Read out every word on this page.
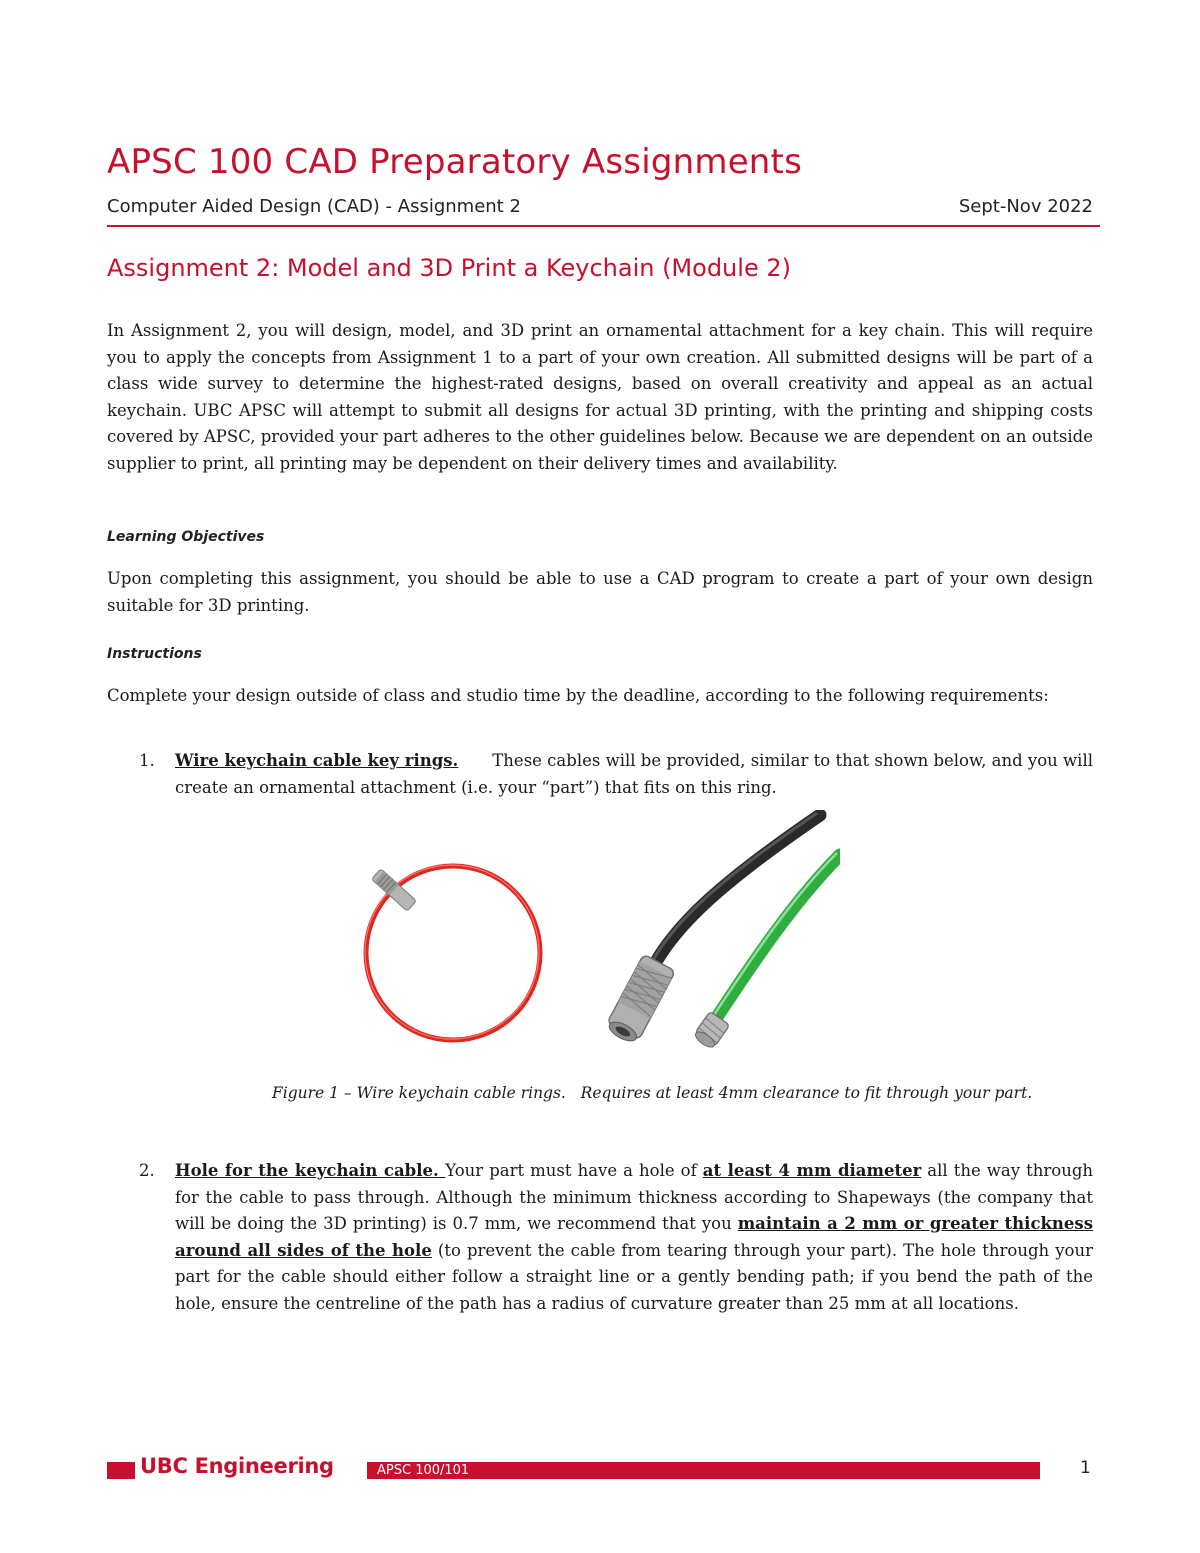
APSC 100 CAD Preparatory Assignments
Computer Aided Design (CAD) - Assignment 2	Sept-Nov 2022
Assignment 2: Model and 3D Print a Keychain (Module 2)

In Assignment 2, you will design, model, and 3D print an ornamental attachment for a key chain. This will require you to apply the concepts from Assignment 1 to a part of your own creation. All submitted designs will be part of a class wide survey to determine the highest-rated designs, based on overall creativity and appeal as an actual keychain. UBC APSC will attempt to submit all designs for actual 3D printing, with the printing and shipping costs covered by APSC, provided your part adheres to the other guidelines below. Because we are dependent on an outside supplier to print, all printing may be dependent on their delivery times and availability.

Learning Objectives

Upon completing this assignment, you should be able to use a CAD program to create a part of your own design suitable for 3D printing.

Instructions

Complete your design outside of class and studio time by the deadline, according to the following requirements:

1. Wire keychain cable key rings. These cables will be provided, similar to that shown below, and you will create an ornamental attachment (i.e. your “part”) that fits on this ring.

Figure 1 – Wire keychain cable rings.   Requires at least 4mm clearance to fit through your part.

2. Hole for the keychain cable. Your part must have a hole of at least 4 mm diameter all the way through for the cable to pass through. Although the minimum thickness according to Shapeways (the company that will be doing the 3D printing) is 0.7 mm, we recommend that you maintain a 2 mm or greater thickness around all sides of the hole (to prevent the cable from tearing through your part). The hole through your part for the cable should either follow a straight line or a gently bending path; if you bend the path of the hole, ensure the centreline of the path has a radius of curvature greater than 25 mm at all locations.
UBC Engineering	APSC 100/101	1
